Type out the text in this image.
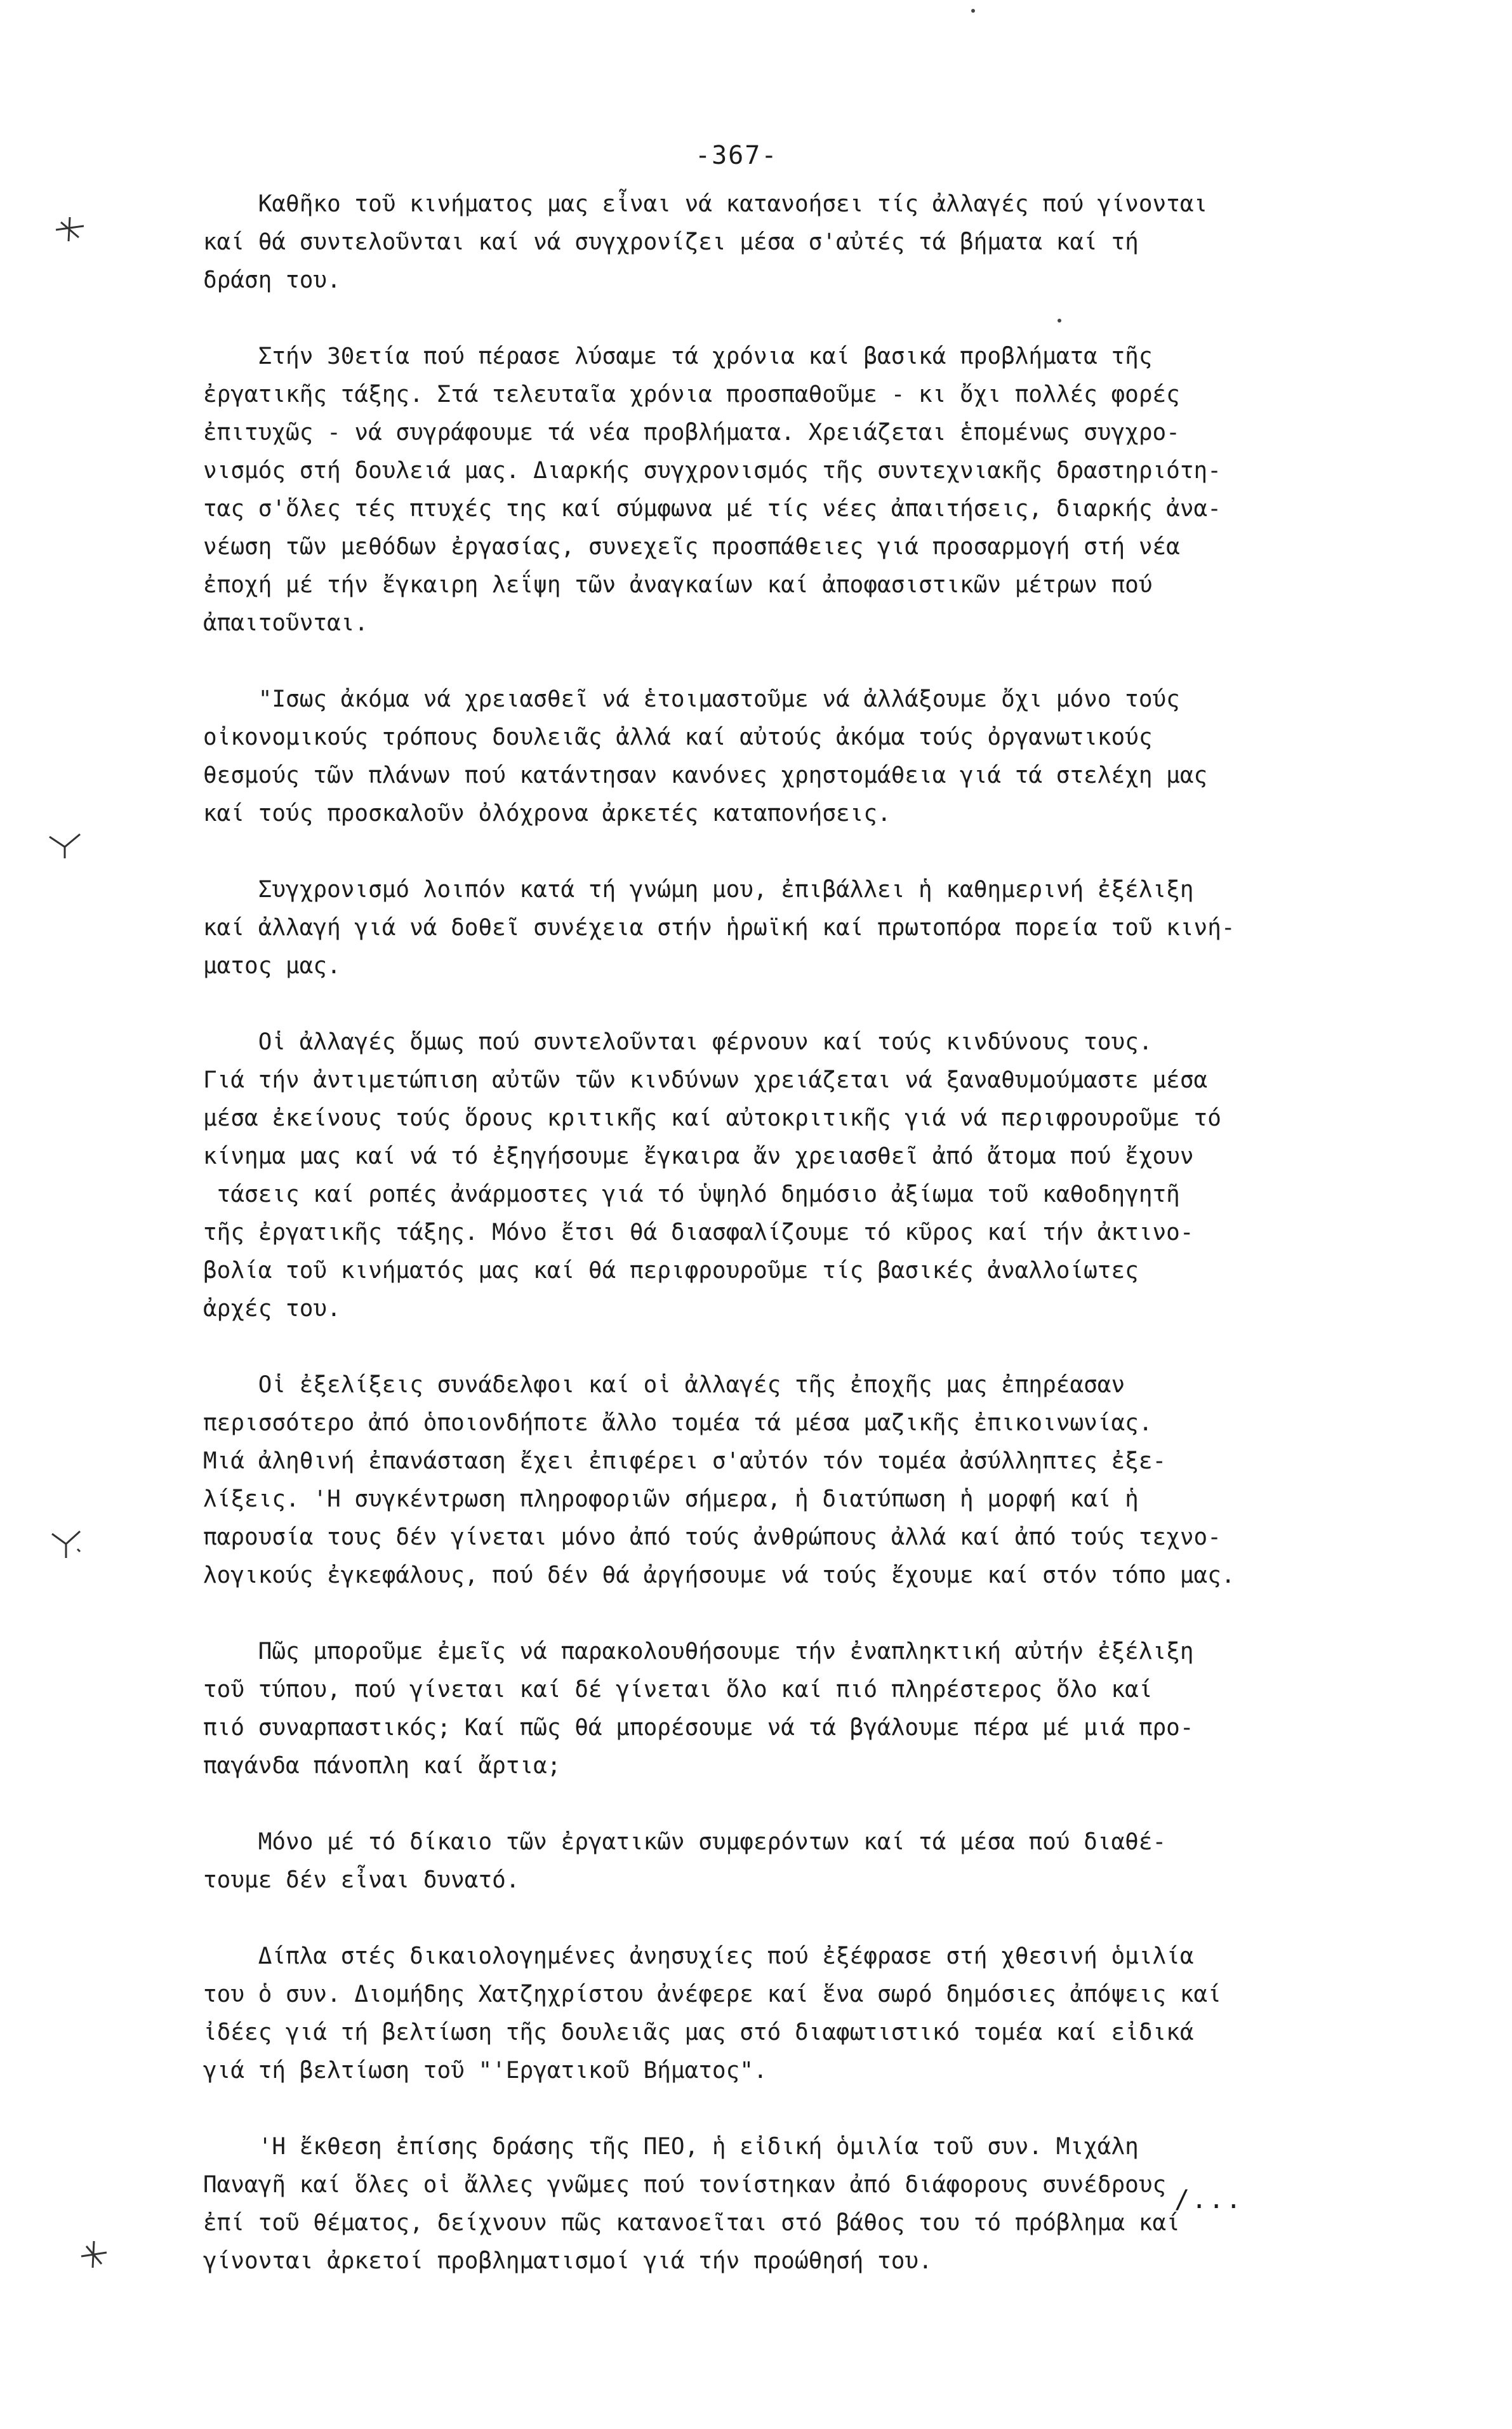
-367-
Καθῆκο τοῦ κινήματος μας εἶναι νά κατανοήσει τίς ἀλλαγές πού γίνονται
καί θά συντελοῦνται καί νά συγχρονίζει μέσα σ'αὐτές τά βήματα καί τή
δράση του.
Στήν 30ετία πού πέρασε λύσαμε τά χρόνια καί βασικά προβλήματα τῆς
ἐργατικῆς τάξης. Στά τελευταῖα χρόνια προσπαθοῦμε - κι ὄχι πολλές φορές
ἐπιτυχῶς - νά συγράφουμε τά νέα προβλήματα. Χρειάζεται ἑπομένως συγχρο-
νισμός στή δουλειά μας. Διαρκής συγχρονισμός τῆς συντεχνιακῆς δραστηριότη-
τας σ'ὅλες τές πτυχές της καί σύμφωνα μέ τίς νέες ἀπαιτήσεις, διαρκής ἀνα-
νέωση τῶν μεθόδων ἐργασίας, συνεχεῖς προσπάθειες γιά προσαρμογή στή νέα
ἐποχή μέ τήν ἔγκαιρη λεΐψη τῶν ἀναγκαίων καί ἀποφασιστικῶν μέτρων πού
ἀπαιτοῦνται.
"Ισως ἀκόμα νά χρειασθεῖ νά ἑτοιμαστοῦμε νά ἀλλάξουμε ὄχι μόνο τούς
οἰκονομικούς τρόπους δουλειᾶς ἀλλά καί αὐτούς ἀκόμα τούς ὀργανωτικούς
θεσμούς τῶν πλάνων πού κατάντησαν κανόνες χρηστομάθεια γιά τά στελέχη μας
καί τούς προσκαλοῦν ὀλόχρονα ἀρκετές καταπονήσεις.
Συγχρονισμό λοιπόν κατά τή γνώμη μου, ἐπιβάλλει ἡ καθημερινή ἐξέλιξη
καί ἀλλαγή γιά νά δοθεῖ συνέχεια στήν ἡρωϊκή καί πρωτοπόρα πορεία τοῦ κινή-
ματος μας.
Οἱ ἀλλαγές ὅμως πού συντελοῦνται φέρνουν καί τούς κινδύνους τους.
Γιά τήν ἀντιμετώπιση αὐτῶν τῶν κινδύνων χρειάζεται νά ξαναθυμούμαστε μέσα
μέσα ἐκείνους τούς ὅρους κριτικῆς καί αὐτοκριτικῆς γιά νά περιφρουροῦμε τό
κίνημα μας καί νά τό ἐξηγήσουμε ἔγκαιρα ἄν χρειασθεῖ ἀπό ἄτομα πού ἔχουν
τάσεις καί ροπές ἀνάρμοστες γιά τό ὑψηλό δημόσιο ἀξίωμα τοῦ καθοδηγητῆ
τῆς ἐργατικῆς τάξης. Μόνο ἔτσι θά διασφαλίζουμε τό κῦρος καί τήν ἀκτινο-
βολία τοῦ κινήματός μας καί θά περιφρουροῦμε τίς βασικές ἀναλλοίωτες
ἀρχές του.
Οἱ ἐξελίξεις συνάδελφοι καί οἱ ἀλλαγές τῆς ἐποχῆς μας ἐπηρέασαν
περισσότερο ἀπό ὁποιονδήποτε ἄλλο τομέα τά μέσα μαζικῆς ἐπικοινωνίας.
Μιά ἀληθινή ἐπανάσταση ἔχει ἐπιφέρει σ'αὐτόν τόν τομέα ἀσύλληπτες ἐξε-
λίξεις. 'Η συγκέντρωση πληροφοριῶν σήμερα, ἡ διατύπωση ἡ μορφή καί ἡ
παρουσία τους δέν γίνεται μόνο ἀπό τούς ἀνθρώπους ἀλλά καί ἀπό τούς τεχνο-
λογικούς ἐγκεφάλους, πού δέν θά ἀργήσουμε νά τούς ἔχουμε καί στόν τόπο μας.
Πῶς μποροῦμε ἐμεῖς νά παρακολουθήσουμε τήν ἐναπληκτική αὐτήν ἐξέλιξη
τοῦ τύπου, πού γίνεται καί δέ γίνεται ὅλο καί πιό πληρέστερος ὅλο καί
πιό συναρπαστικός; Καί πῶς θά μπορέσουμε νά τά βγάλουμε πέρα μέ μιά προ-
παγάνδα πάνοπλη καί ἄρτια;
Μόνο μέ τό δίκαιο τῶν ἐργατικῶν συμφερόντων καί τά μέσα πού διαθέ-
τουμε δέν εἶναι δυνατό.
Δίπλα στές δικαιολογημένες ἀνησυχίες πού ἐξέφρασε στή χθεσινή ὁμιλία
του ὁ συν. Διομήδης Χατζηχρίστου ἀνέφερε καί ἕνα σωρό δημόσιες ἀπόψεις καί
ἰδέες γιά τή βελτίωση τῆς δουλειᾶς μας στό διαφωτιστικό τομέα καί εἰδικά
γιά τή βελτίωση τοῦ "'Εργατικοῦ Βήματος".
'Η ἔκθεση ἐπίσης δράσης τῆς ΠΕΟ, ἡ εἰδική ὁμιλία τοῦ συν. Μιχάλη
Παναγῆ καί ὅλες οἱ ἄλλες γνῶμες πού τονίστηκαν ἀπό διάφορους συνέδρους
ἐπί τοῦ θέματος, δείχνουν πῶς κατανοεῖται στό βάθος του τό πρόβλημα καί
γίνονται ἀρκετοί προβληματισμοί γιά τήν προώθησή του.
/...
